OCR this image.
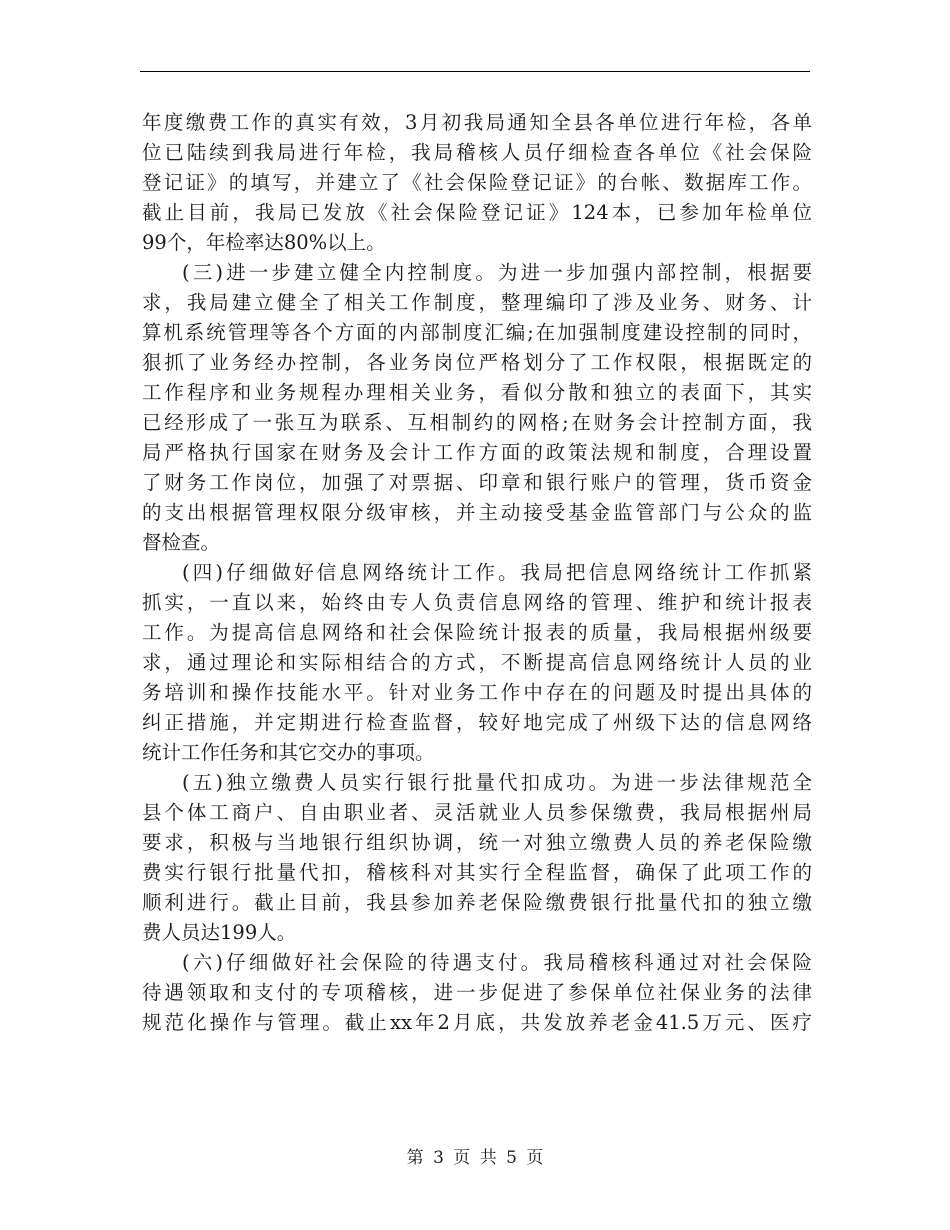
年度缴费工作的真实有效，3月初我局通知全县各单位进行年检，各单
位已陆续到我局进行年检，我局稽核人员仔细检查各单位《社会保险
登记证》的填写，并建立了《社会保险登记证》的台帐、数据库工作。
截止目前，我局已发放《社会保险登记证》124本，已参加年检单位
99个，年检率达80%以上。
(三)进一步建立健全内控制度。为进一步加强内部控制，根据要
求，我局建立健全了相关工作制度，整理编印了涉及业务、财务、计
算机系统管理等各个方面的内部制度汇编;在加强制度建设控制的同时，
狠抓了业务经办控制，各业务岗位严格划分了工作权限，根据既定的
工作程序和业务规程办理相关业务，看似分散和独立的表面下，其实
已经形成了一张互为联系、互相制约的网格;在财务会计控制方面，我
局严格执行国家在财务及会计工作方面的政策法规和制度，合理设置
了财务工作岗位，加强了对票据、印章和银行账户的管理，货币资金
的支出根据管理权限分级审核，并主动接受基金监管部门与公众的监
督检查。
(四)仔细做好信息网络统计工作。我局把信息网络统计工作抓紧
抓实，一直以来，始终由专人负责信息网络的管理、维护和统计报表
工作。为提高信息网络和社会保险统计报表的质量，我局根据州级要
求，通过理论和实际相结合的方式，不断提高信息网络统计人员的业
务培训和操作技能水平。针对业务工作中存在的问题及时提出具体的
纠正措施，并定期进行检查监督，较好地完成了州级下达的信息网络
统计工作任务和其它交办的事项。
(五)独立缴费人员实行银行批量代扣成功。为进一步法律规范全
县个体工商户、自由职业者、灵活就业人员参保缴费，我局根据州局
要求，积极与当地银行组织协调，统一对独立缴费人员的养老保险缴
费实行银行批量代扣，稽核科对其实行全程监督，确保了此项工作的
顺利进行。截止目前，我县参加养老保险缴费银行批量代扣的独立缴
费人员达199人。
(六)仔细做好社会保险的待遇支付。我局稽核科通过对社会保险
待遇领取和支付的专项稽核，进一步促进了参保单位社保业务的法律
规范化操作与管理。截止xx年2月底，共发放养老金41.5万元、医疗
第 3 页 共 5 页
